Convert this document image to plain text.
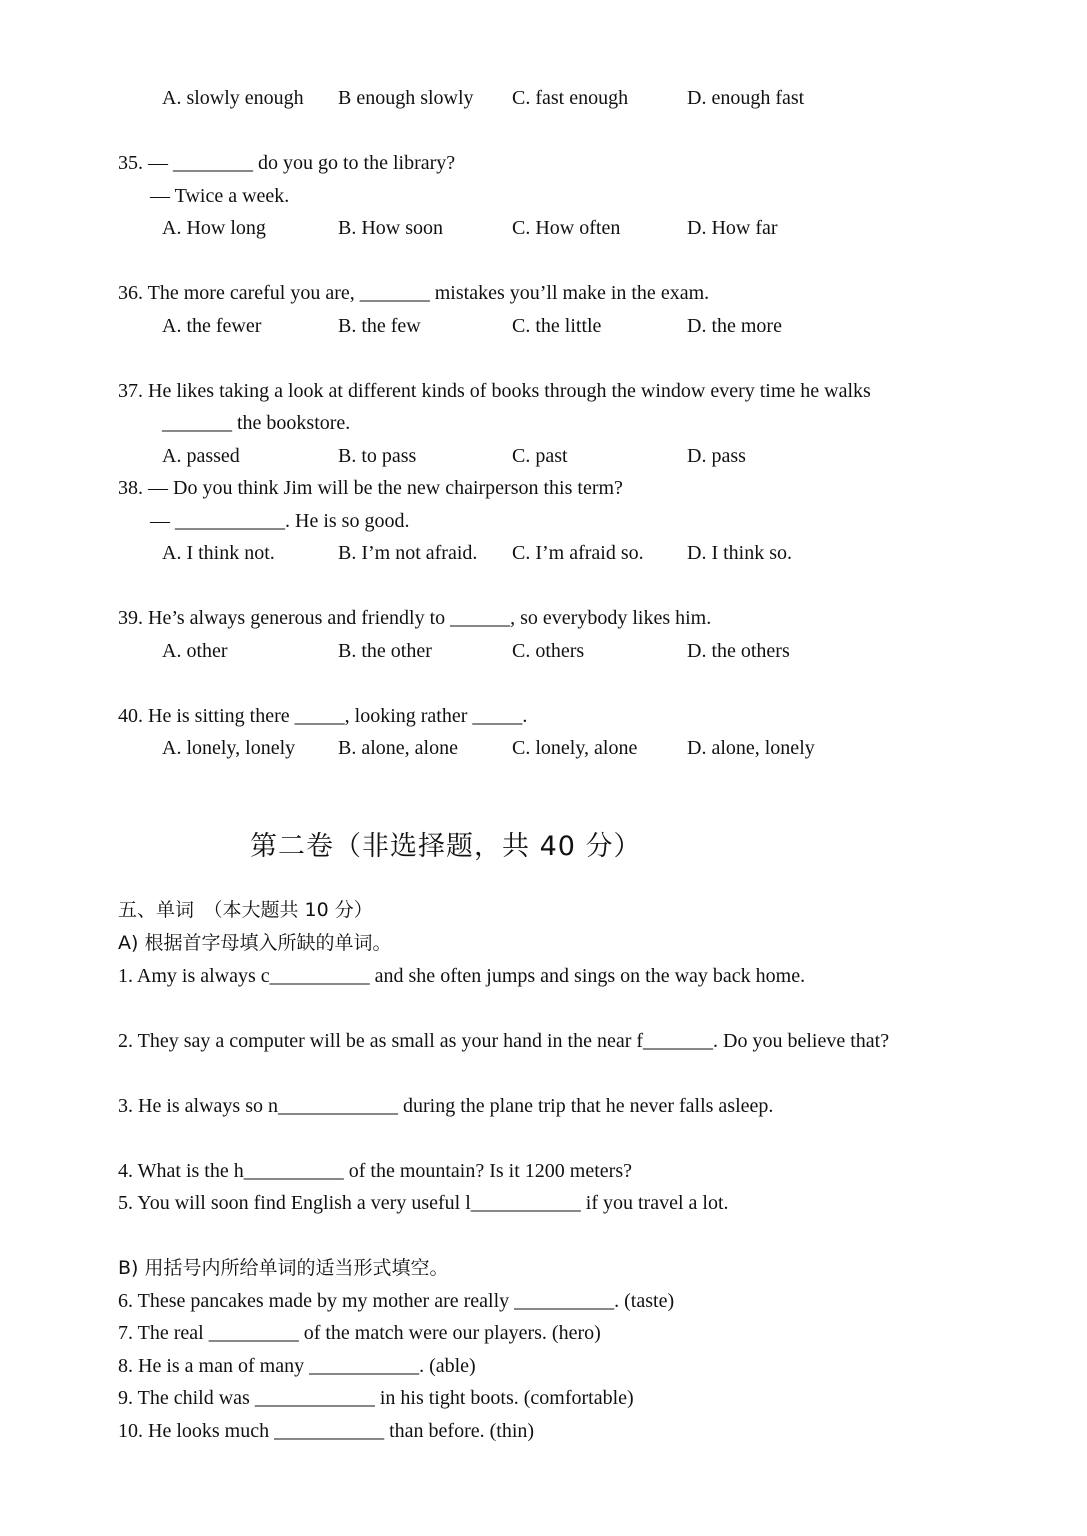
A. slowly enough B enough slowly C. fast enough	D. enough fast
35. — ________ do you go to the library?
— Twice a week.
A. How long	B. How soon	C. How often	D. How far
36. The more careful you are, _______ mistakes you’ll make in the exam.
A. the fewer	B. the few	C. the little	D. the more
37. He likes taking a look at different kinds of books through the window every time he walks
_______ the bookstore.
A. passed	B. to pass	C. past	D. pass
38. — Do you think Jim will be the new chairperson this term?
— ___________. He is so good.
A. I think not.	B. I’m not afraid. C. I’m afraid so. D. I think so.
39. He’s always generous and friendly to ______, so everybody likes him.
A. other	B. the other	C. others	D. the others
40. He is sitting there _____, looking rather _____.
A. lonely, lonely B. alone, alone	C. lonely, alone D. alone, lonely
第二卷（非选择题，共 40 分）
五、单词　（本大题共 10 分）
A) 根据首字母填入所缺的单词。
1. Amy is always c__________ and she often jumps and sings on the way back home.
2. They say a computer will be as small as your hand in the near f_______. Do you believe that?
3. He is always so n____________ during the plane trip that he never falls asleep.
4. What is the h__________ of the mountain? Is it 1200 meters?
5. You will soon find English a very useful l___________ if you travel a lot.
B) 用括号内所给单词的适当形式填空。
6. These pancakes made by my mother are really __________. (taste)
7. The real _________ of the match were our players. (hero)
8. He is a man of many ___________. (able)
9. The child was ____________ in his tight boots. (comfortable)
10. He looks much ___________ than before. (thin)
